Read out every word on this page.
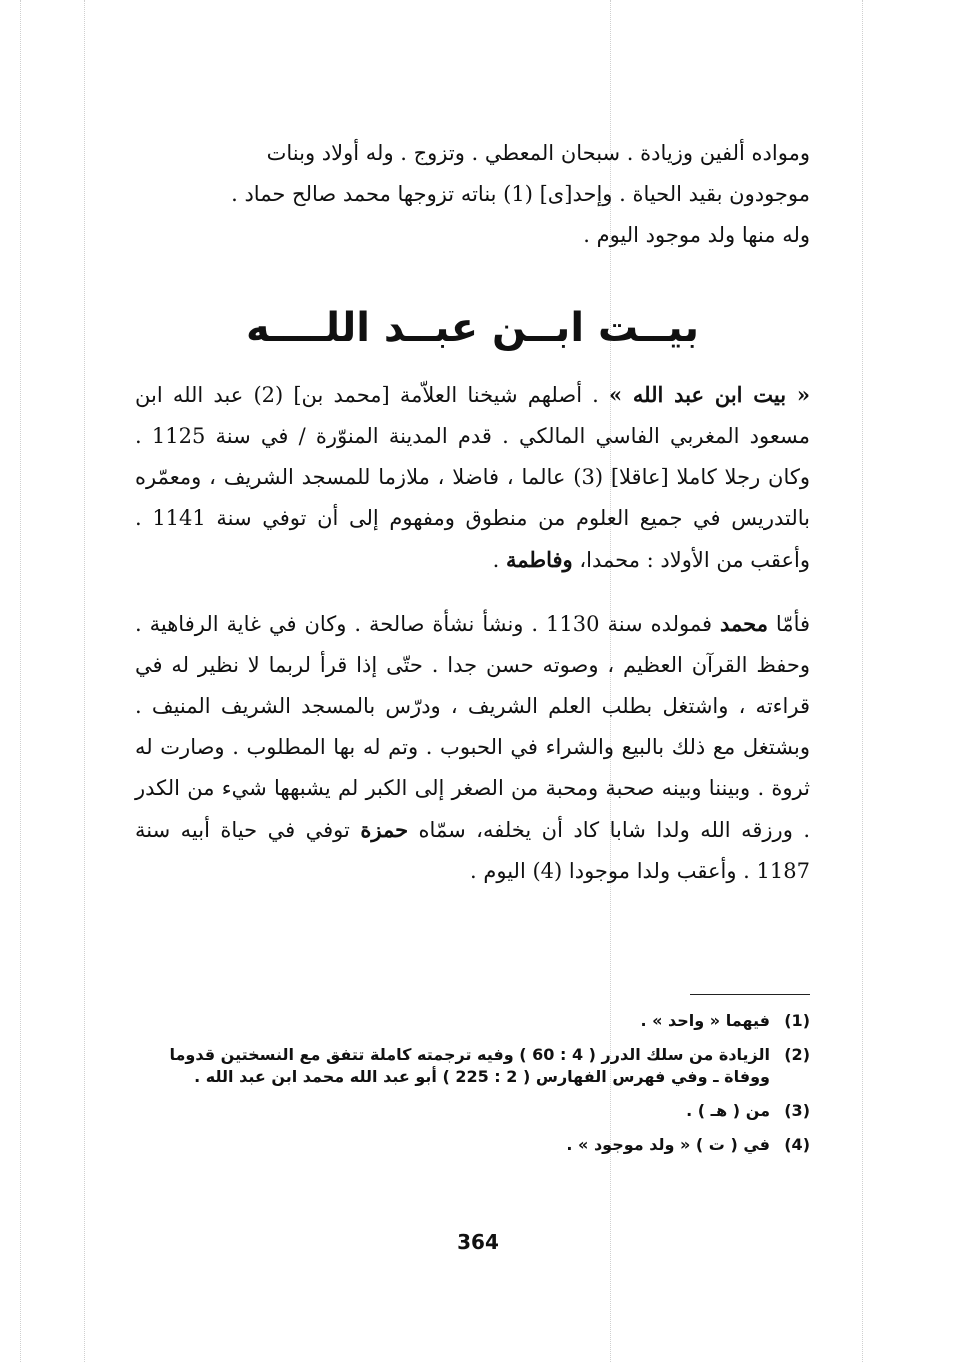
ومواده ألفين وزيادة . سبحان المعطي . وتزوج . وله أولاد وبنات

موجودون بقيد الحياة . وإحد[ى] (1) بناته تزوجها محمد صالح حماد .

وله منها ولد موجود اليوم .

بيــت ابــن عبــد اللــــه

« بيت ابن عبد الله » . أصلهم شيخنا العلاّمة [محمد بن] (2) عبد الله ابن مسعود المغربي الفاسي المالكي . قدم المدينة المنوّرة / في سنة 1125 . وكان رجلا كاملا [عاقلا] (3) عالما ، فاضلا ، ملازما للمسجد الشريف ، ومعمّره بالتدريس في جميع العلوم من منطوق ومفهوم إلى أن توفي سنة 1141 . وأعقب من الأولاد : محمدا، وفاطمة .

فأمّا محمد فمولده سنة 1130 . ونشأ نشأة صالحة . وكان في غاية الرفاهية . وحفظ القرآن العظيم ، وصوته حسن جدا . حتّى إذا قرأ لربما لا نظير له في قراءته ، واشتغل بطلب العلم الشريف ، ودرّس بالمسجد الشريف المنيف . وبشتغل مع ذلك بالبيع والشراء في الحبوب . وتم له بها المطلوب . وصارت له ثروة . وبيننا وبينه صحبة ومحبة من الصغر إلى الكبر لم يشبهها شيء من الكدر . ورزقه الله ولدا شابا كاد أن يخلفه، سمّاه حمزة توفي في حياة أبيه سنة 1187 . وأعقب ولدا موجودا (4) اليوم .

(1)
فيهما « واحد » .
(2)
الزيادة من سلك الدرر ( 4 : 60 ) وفيه ترجمته كاملة تتفق مع النسختين قدوما ووفاة ـ وفي فهرس الفهارس ( 2 : 225 ) أبو عبد الله محمد ابن عبد الله .
(3)
من ( هـ ) .
(4)
في ( ت ) « ولد موجود » .
364
